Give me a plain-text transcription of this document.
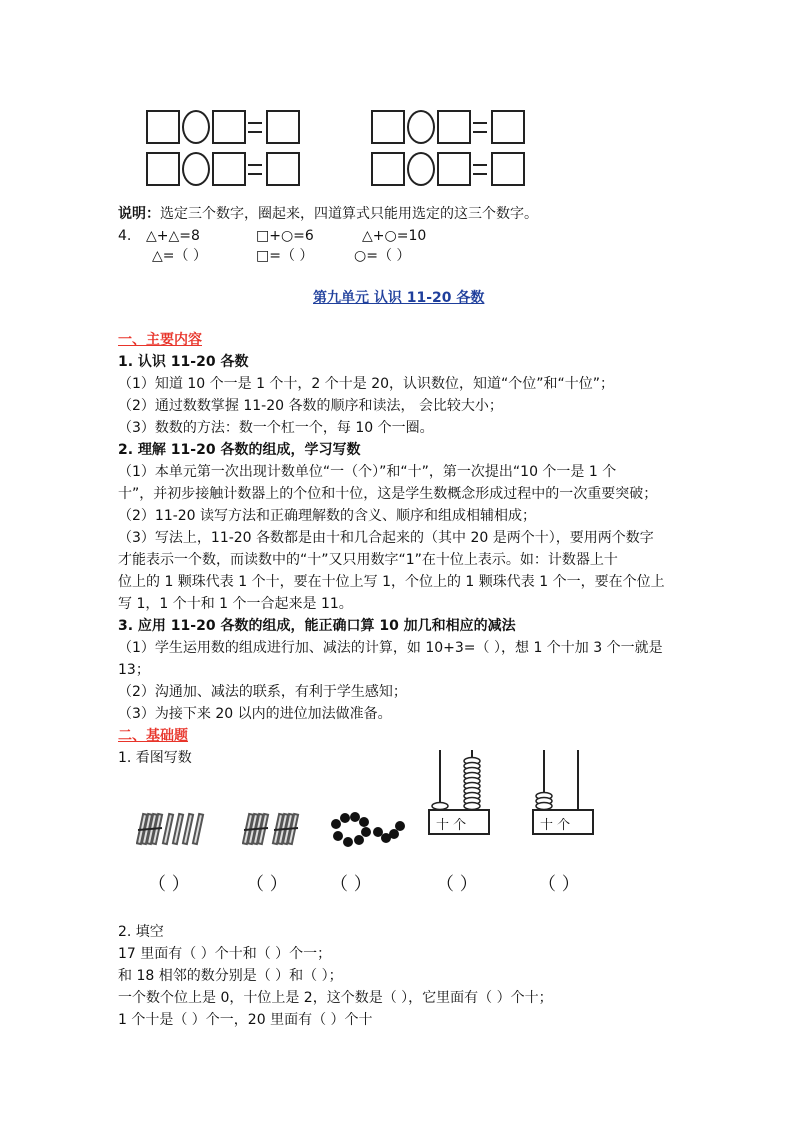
说明：选定三个数字，圈起来，四道算式只能用选定的这三个数字。
4. △+△=8	□+○=6	△+○=10
△=（ ）	□=（ ）	○=（ ）
第九单元 认识 11-20 各数
一、主要内容
1. 认识 11-20 各数
（1）知道 10 个一是 1 个十，2 个十是 20，认识数位，知道“个位”和“十位”；
（2）通过数数掌握 11-20 各数的顺序和读法， 会比较大小；
（3）数数的方法：数一个杠一个，每 10 个一圈。
2. 理解 11-20 各数的组成，学习写数
（1）本单元第一次出现计数单位“一（个）”和“十”，第一次提出“10 个一是 1 个
十”，并初步接触计数器上的个位和十位，这是学生数概念形成过程中的一次重要突破；
（2）11-20 读写方法和正确理解数的含义、顺序和组成相辅相成；
（3）写法上，11-20 各数都是由十和几合起来的（其中 20 是两个十），要用两个数字
才能表示一个数，而读数中的“十”又只用数字“1”在十位上表示。如：计数器上十
位上的 1 颗珠代表 1 个十，要在十位上写 1，个位上的 1 颗珠代表 1 个一，要在个位上
写 1，1 个十和 1 个一合起来是 11。
3. 应用 11-20 各数的组成，能正确口算 10 加几和相应的减法
（1）学生运用数的组成进行加、减法的计算，如 10+3=（ ），想 1 个十加 3 个一就是
13；
（2）沟通加、减法的联系，有利于学生感知；
（3）为接下来 20 以内的进位加法做准备。
二、基础题
1. 看图写数
十 个	十 个
（ ）	（ ） （ ）	（ ）	（ ）
2. 填空
17 里面有（ ）个十和（ ）个一；
和 18 相邻的数分别是（ ）和（ ）；
一个数个位上是 0，十位上是 2，这个数是（ ），它里面有（ ）个十；
1 个十是（ ）个一，20 里面有（ ）个十
